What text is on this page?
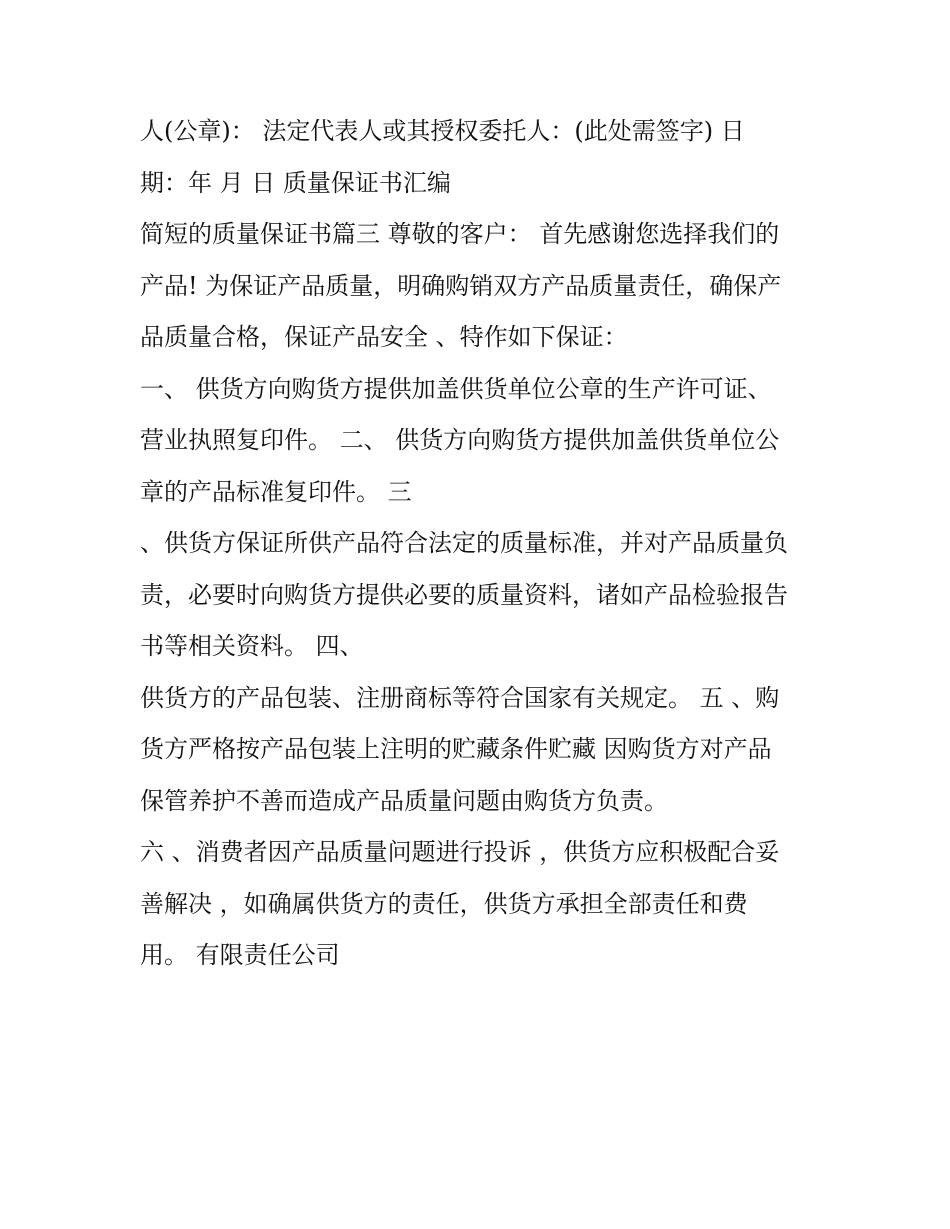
人(公章)： 法定代表人或其授权委托人：(此处需签字) 日
期：年 月 日 质量保证书汇编
简短的质量保证书篇三 尊敬的客户： 首先感谢您选择我们的
产品! 为保证产品质量，明确购销双方产品质量责任，确保产
品质量合格，保证产品安全 、特作如下保证：
一、 供货方向购货方提供加盖供货单位公章的生产许可证、
营业执照复印件。 二、 供货方向购货方提供加盖供货单位公
章的产品标准复印件。 三
、供货方保证所供产品符合法定的质量标准，并对产品质量负
责，必要时向购货方提供必要的质量资料，诸如产品检验报告
书等相关资料。 四、
供货方的产品包装、注册商标等符合国家有关规定。 五 、购
货方严格按产品包装上注明的贮藏条件贮藏 因购货方对产品
保管养护不善而造成产品质量问题由购货方负责。
六 、消费者因产品质量问题进行投诉 ，供货方应积极配合妥
善解决 ，如确属供货方的责任，供货方承担全部责任和费
用。 有限责任公司
